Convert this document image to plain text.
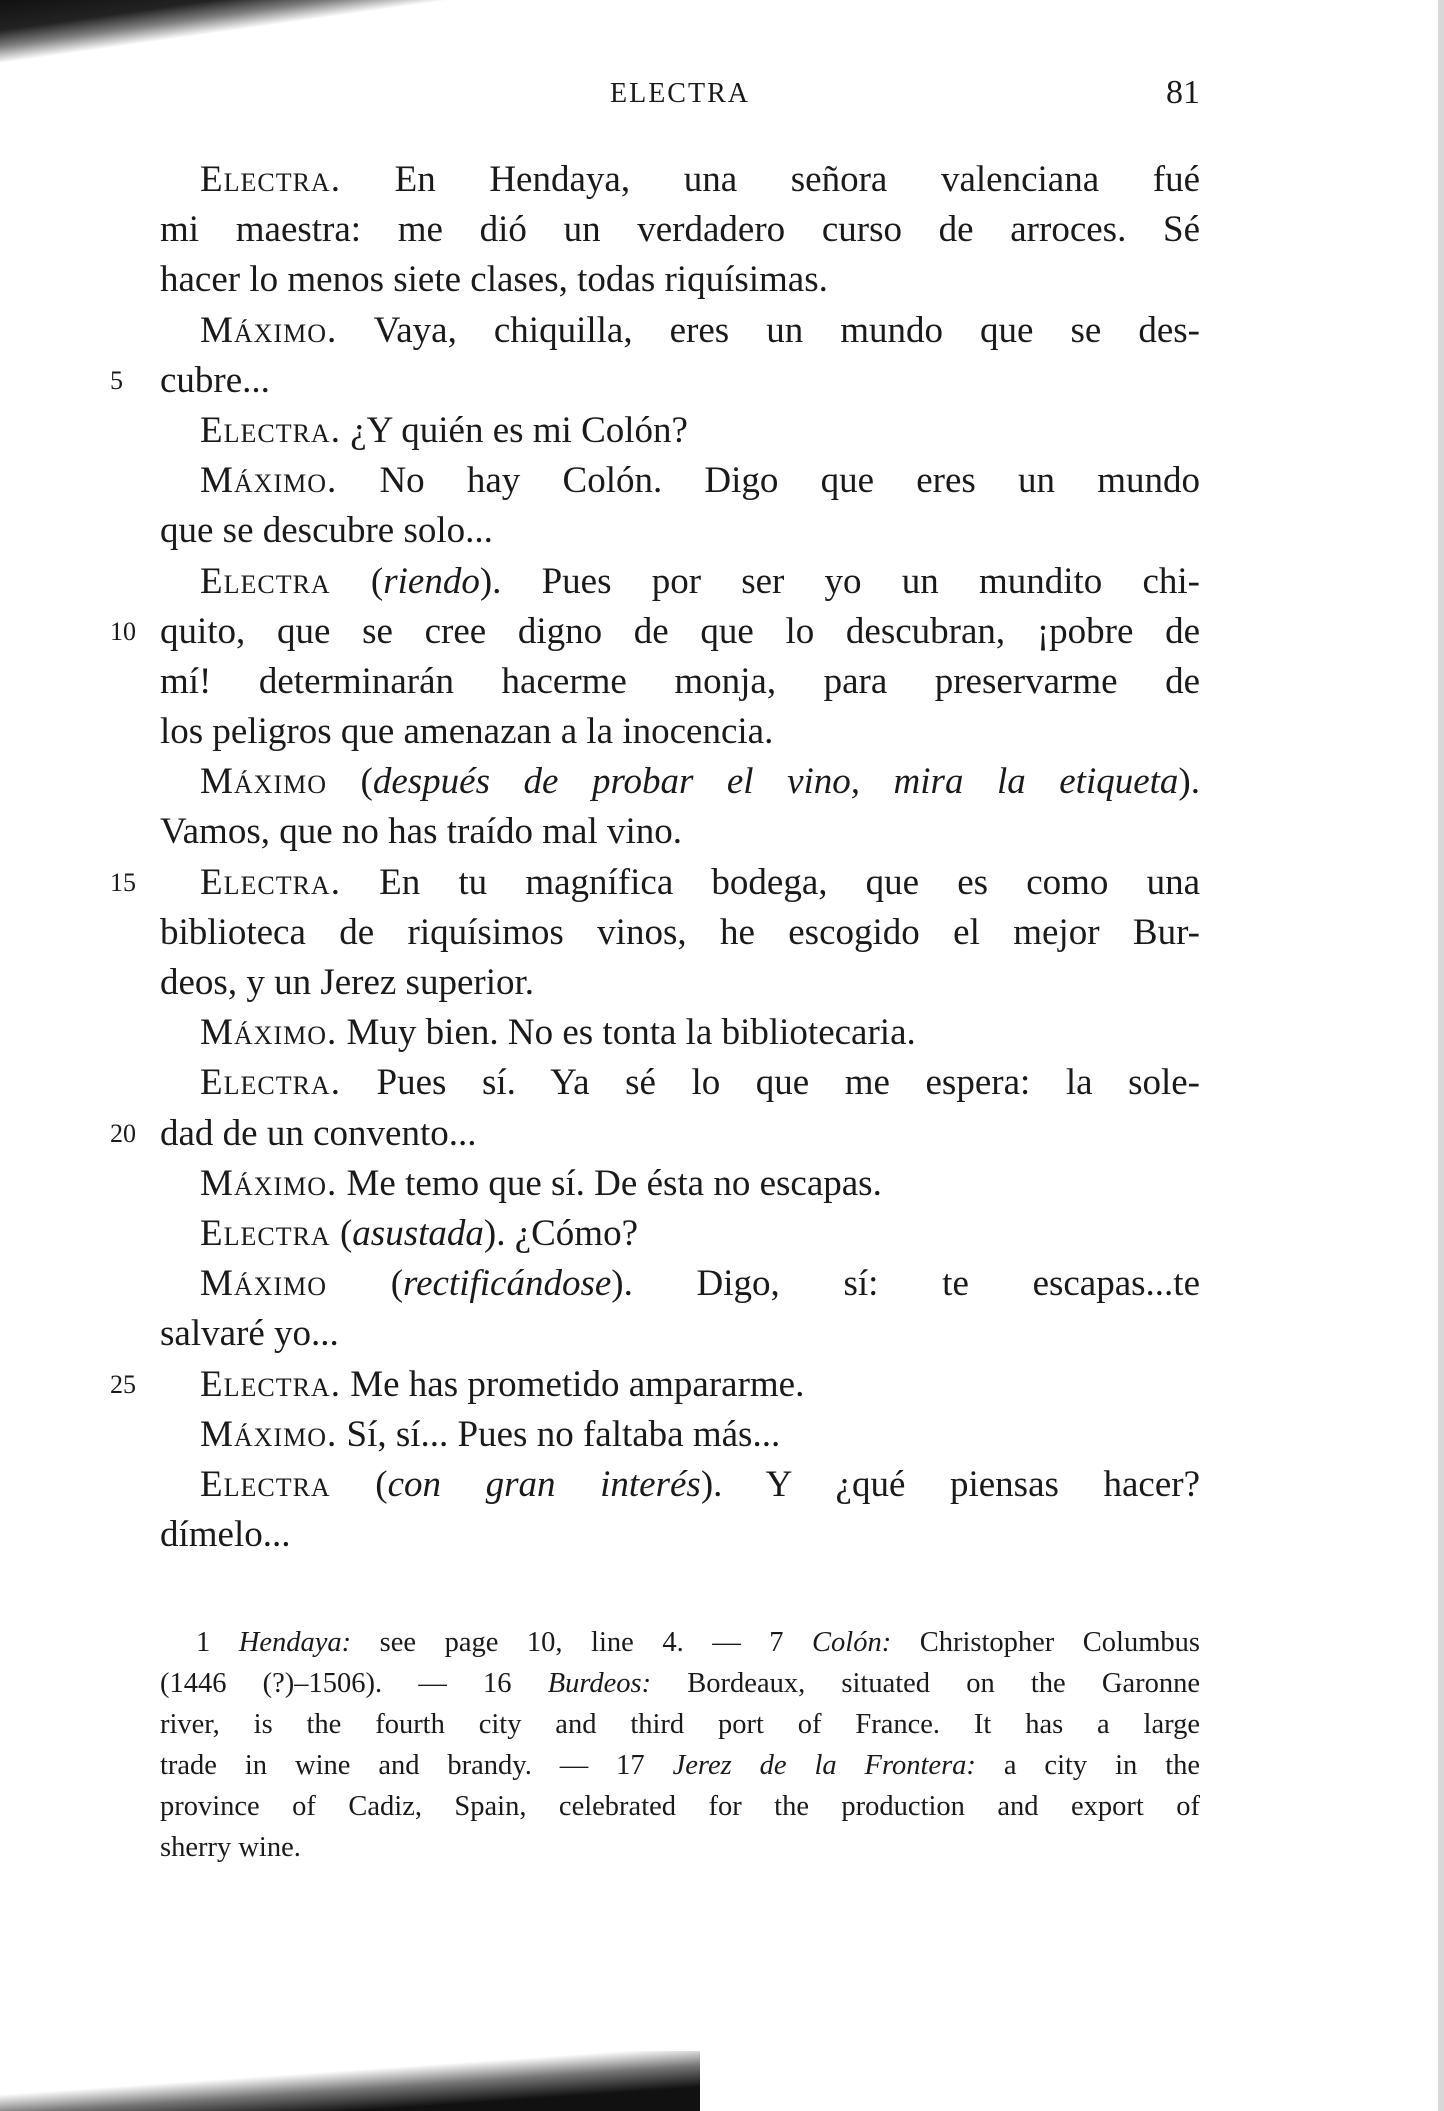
ELECTRA	81
Electra. En Hendaya, una señora valenciana fué
mi maestra: me dió un verdadero curso de arroces. Sé
hacer lo menos siete clases, todas riquísimas.
Máximo. Vaya, chiquilla, eres un mundo que se des-
5	cubre...
Electra. ¿Y quién es mi Colón?
Máximo. No hay Colón. Digo que eres un mundo
que se descubre solo...
Electra (riendo). Pues por ser yo un mundito chi-
10 quito, que se cree digno de que lo descubran, ¡pobre de
mí! determinarán hacerme monja, para preservarme de
los peligros que amenazan a la inocencia.
Máximo (después de probar el vino, mira la etiqueta).
Vamos, que no has traído mal vino.
15	Electra. En tu magnífica bodega, que es como una
biblioteca de riquísimos vinos, he escogido el mejor Bur-
deos, y un Jerez superior.
Máximo. Muy bien. No es tonta la bibliotecaria.
Electra. Pues sí. Ya sé lo que me espera: la sole-
20 dad de un convento...
Máximo. Me temo que sí. De ésta no escapas.
Electra (asustada). ¿Cómo?
Máximo (rectificándose). Digo, sí: te escapas...te
salvaré yo...
25	Electra. Me has prometido ampararme.
Máximo. Sí, sí... Pues no faltaba más...
Electra (con gran interés). Y ¿qué piensas hacer?
dímelo...
1 Hendaya: see page 10, line 4. — 7 Colón: Christopher Columbus
(1446 (?)–1506). — 16 Burdeos: Bordeaux, situated on the Garonne
river, is the fourth city and third port of France. It has a large
trade in wine and brandy. — 17 Jerez de la Frontera: a city in the
province of Cadiz, Spain, celebrated for the production and export of
sherry wine.
